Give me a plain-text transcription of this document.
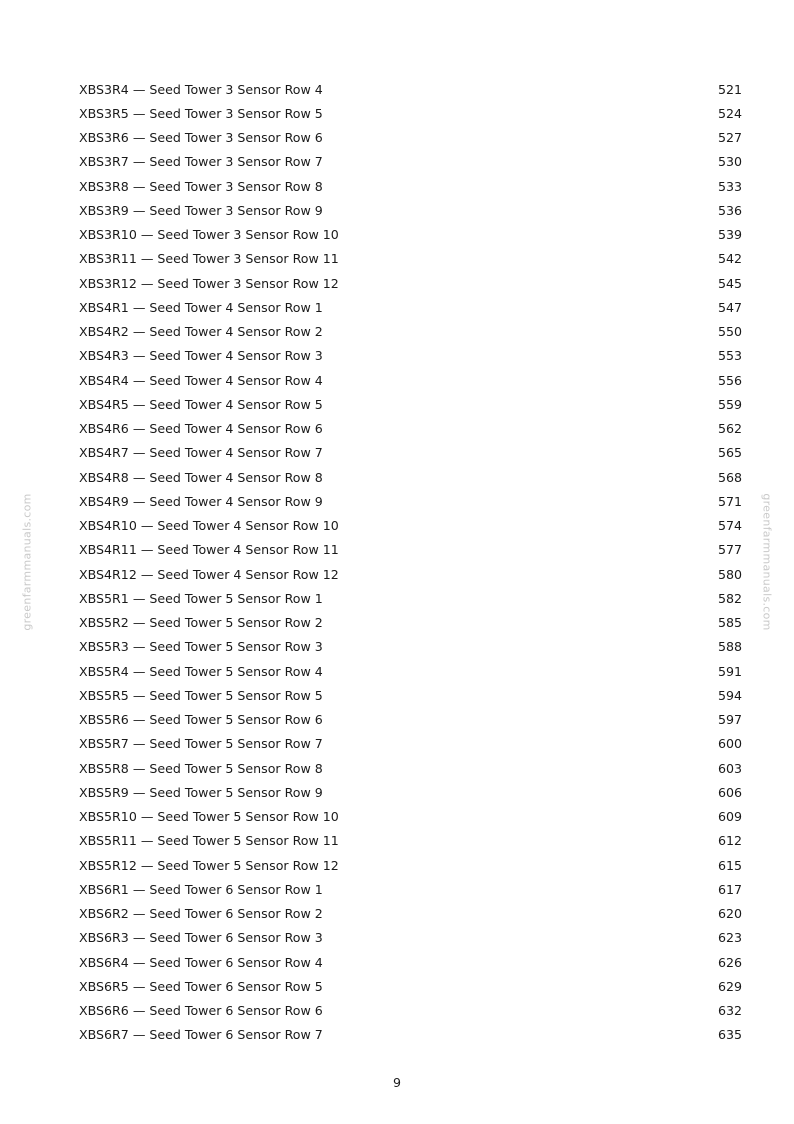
greenfarmmanuals.com	greenfarmmanuals.com
XBS3R4 — Seed Tower 3 Sensor Row 4	521
XBS3R5 — Seed Tower 3 Sensor Row 5	524
XBS3R6 — Seed Tower 3 Sensor Row 6	527
XBS3R7 — Seed Tower 3 Sensor Row 7	530
XBS3R8 — Seed Tower 3 Sensor Row 8	533
XBS3R9 — Seed Tower 3 Sensor Row 9	536
XBS3R10 — Seed Tower 3 Sensor Row 10	539
XBS3R11 — Seed Tower 3 Sensor Row 11	542
XBS3R12 — Seed Tower 3 Sensor Row 12	545
XBS4R1 — Seed Tower 4 Sensor Row 1	547
XBS4R2 — Seed Tower 4 Sensor Row 2	550
XBS4R3 — Seed Tower 4 Sensor Row 3	553
XBS4R4 — Seed Tower 4 Sensor Row 4	556
XBS4R5 — Seed Tower 4 Sensor Row 5	559
XBS4R6 — Seed Tower 4 Sensor Row 6	562
XBS4R7 — Seed Tower 4 Sensor Row 7	565
XBS4R8 — Seed Tower 4 Sensor Row 8	568
XBS4R9 — Seed Tower 4 Sensor Row 9	571
XBS4R10 — Seed Tower 4 Sensor Row 10	574
XBS4R11 — Seed Tower 4 Sensor Row 11	577
XBS4R12 — Seed Tower 4 Sensor Row 12	580
XBS5R1 — Seed Tower 5 Sensor Row 1	582
XBS5R2 — Seed Tower 5 Sensor Row 2	585
XBS5R3 — Seed Tower 5 Sensor Row 3	588
XBS5R4 — Seed Tower 5 Sensor Row 4	591
XBS5R5 — Seed Tower 5 Sensor Row 5	594
XBS5R6 — Seed Tower 5 Sensor Row 6	597
XBS5R7 — Seed Tower 5 Sensor Row 7	600
XBS5R8 — Seed Tower 5 Sensor Row 8	603
XBS5R9 — Seed Tower 5 Sensor Row 9	606
XBS5R10 — Seed Tower 5 Sensor Row 10	609
XBS5R11 — Seed Tower 5 Sensor Row 11	612
XBS5R12 — Seed Tower 5 Sensor Row 12	615
XBS6R1 — Seed Tower 6 Sensor Row 1	617
XBS6R2 — Seed Tower 6 Sensor Row 2	620
XBS6R3 — Seed Tower 6 Sensor Row 3	623
XBS6R4 — Seed Tower 6 Sensor Row 4	626
XBS6R5 — Seed Tower 6 Sensor Row 5	629
XBS6R6 — Seed Tower 6 Sensor Row 6	632
XBS6R7 — Seed Tower 6 Sensor Row 7	635
9
